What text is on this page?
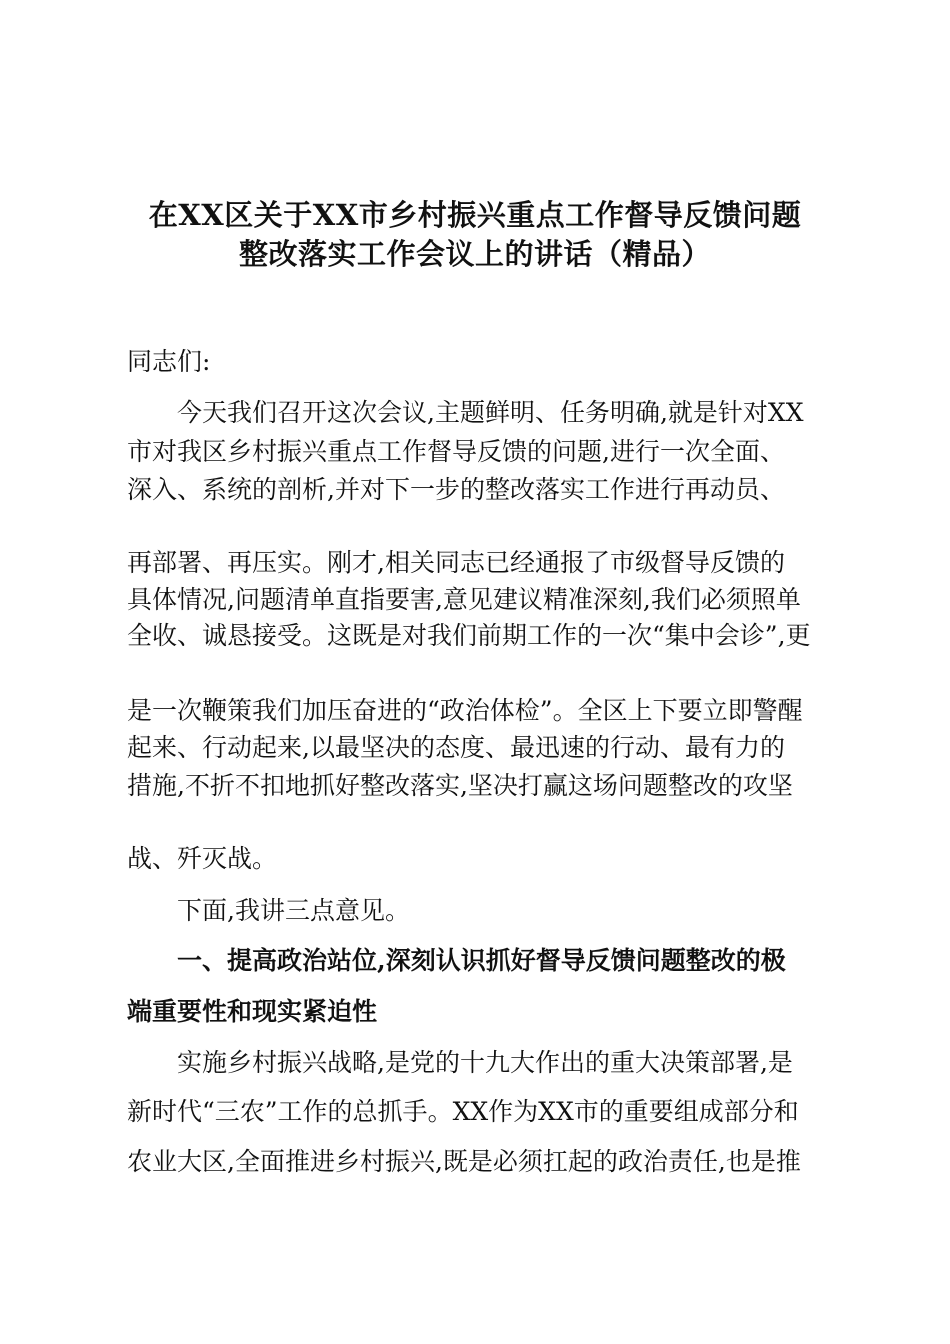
在XX区关于XX市乡村振兴重点工作督导反馈问题
整改落实工作会议上的讲话（精品）
同志们:
　　今天我们召开这次会议,主题鲜明、任务明确,就是针对XX
市对我区乡村振兴重点工作督导反馈的问题,进行一次全面、
深入、系统的剖析,并对下一步的整改落实工作进行再动员、
再部署、再压实。刚才,相关同志已经通报了市级督导反馈的
具体情况,问题清单直指要害,意见建议精准深刻,我们必须照单
全收、诚恳接受。这既是对我们前期工作的一次“集中会诊”,更
是一次鞭策我们加压奋进的“政治体检”。全区上下要立即警醒
起来、行动起来,以最坚决的态度、最迅速的行动、最有力的
措施,不折不扣地抓好整改落实,坚决打赢这场问题整改的攻坚
战、歼灭战。
　　下面,我讲三点意见。
　　一、提高政治站位,深刻认识抓好督导反馈问题整改的极
端重要性和现实紧迫性
　　实施乡村振兴战略,是党的十九大作出的重大决策部署,是
新时代“三农”工作的总抓手。XX作为XX市的重要组成部分和
农业大区,全面推进乡村振兴,既是必须扛起的政治责任,也是推
